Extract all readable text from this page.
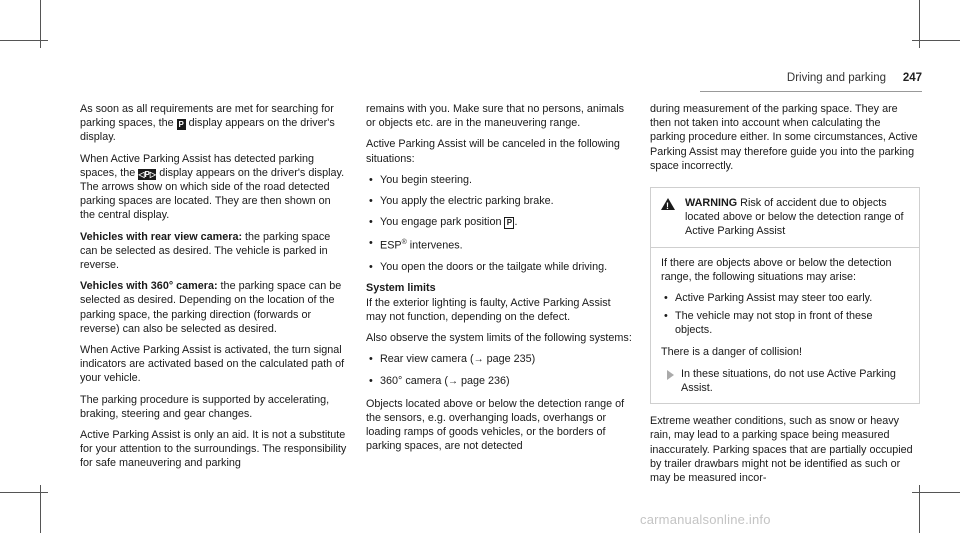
Driving and parking 247

As soon as all requirements are met for searching for parking spaces, the P display appears on the driver's display.

When Active Parking Assist has detected parking spaces, the ◁P▷ display appears on the driver's display. The arrows show on which side of the road detected parking spaces are located. They are then shown on the central display.

Vehicles with rear view camera: the parking space can be selected as desired. The vehicle is parked in reverse.

Vehicles with 360° camera: the parking space can be selected as desired. Depending on the location of the parking space, the parking direction (forwards or reverse) can also be selected as desired.

When Active Parking Assist is activated, the turn signal indicators are activated based on the calculated path of your vehicle.

The parking procedure is supported by accelerating, braking, steering and gear changes.

Active Parking Assist is only an aid. It is not a substitute for your attention to the surroundings. The responsibility for safe maneuvering and parking

remains with you. Make sure that no persons, animals or objects etc. are in the maneuvering range.

Active Parking Assist will be canceled in the following situations:

• You begin steering.
• You apply the electric parking brake.
• You engage park position P .
• ESP® intervenes.
• You open the doors or the tailgate while driving.

System limits

If the exterior lighting is faulty, Active Parking Assist may not function, depending on the defect.

Also observe the system limits of the following systems:

• Rear view camera (→ page 235)
• 360° camera (→ page 236)

Objects located above or below the detection range of the sensors, e.g. overhanging loads, overhangs or loading ramps of goods vehicles, or the borders of parking spaces, are not detected

during measurement of the parking space. They are then not taken into account when calculating the parking procedure either. In some circumstances, Active Parking Assist may therefore guide you into the parking space incorrectly.

!
WARNING Risk of accident due to objects located above or below the detection range of Active Parking Assist

If there are objects above or below the detection range, the following situations may arise:

• Active Parking Assist may steer too early.
• The vehicle may not stop in front of these objects.

There is a danger of collision!

In these situations, do not use Active Parking Assist.

Extreme weather conditions, such as snow or heavy rain, may lead to a parking space being measured inaccurately. Parking spaces that are partially occupied by trailer drawbars might not be identified as such or may be measured incor-

carmanualsonline.info
